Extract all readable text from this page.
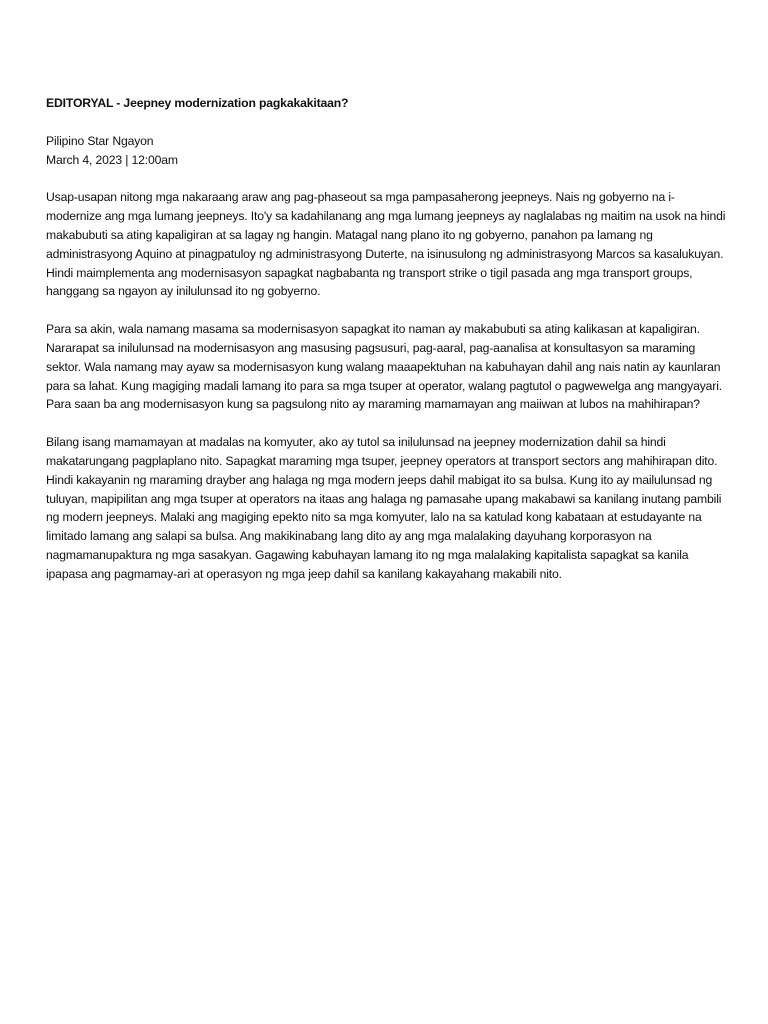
EDITORYAL - Jeepney modernization pagkakakitaan?

Pilipino Star Ngayon
March 4, 2023 | 12:00am

Usap-usapan nitong mga nakaraang araw ang pag-phaseout sa mga pampasaherong jeepneys. Nais ng gobyerno na i-modernize ang mga lumang jeepneys. Ito'y sa kadahilanang ang mga lumang jeepneys ay naglalabas ng maitim na usok na hindi makabubuti sa ating kapaligiran at sa lagay ng hangin. Matagal nang plano ito ng gobyerno, panahon pa lamang ng administrasyong Aquino at pinagpatuloy ng administrasyong Duterte, na isinusulong ng administrasyong Marcos sa kasalukuyan. Hindi maimplementa ang modernisasyon sapagkat nagbabanta ng transport strike o tigil pasada ang mga transport groups, hanggang sa ngayon ay inilulunsad ito ng gobyerno.

Para sa akin, wala namang masama sa modernisasyon sapagkat ito naman ay makabubuti sa ating kalikasan at kapaligiran. Nararapat sa inilulunsad na modernisasyon ang masusing pagsusuri, pag-aaral, pag-aanalisa at konsultasyon sa maraming sektor. Wala namang may ayaw sa modernisasyon kung walang maaapektuhan na kabuhayan dahil ang nais natin ay kaunlaran para sa lahat. Kung magiging madali lamang ito para sa mga tsuper at operator, walang pagtutol o pagwewelga ang mangyayari. Para saan ba ang modernisasyon kung sa pagsulong nito ay maraming mamamayan ang maiiwan at lubos na mahihirapan?

Bilang isang mamamayan at madalas na komyuter, ako ay tutol sa inilulunsad na jeepney modernization dahil sa hindi makatarungang pagplaplano nito. Sapagkat maraming mga tsuper, jeepney operators at transport sectors ang mahihirapan dito. Hindi kakayanin ng maraming drayber ang halaga ng mga modern jeeps dahil mabigat ito sa bulsa. Kung ito ay mailulunsad ng tuluyan, mapipilitan ang mga tsuper at operators na itaas ang halaga ng pamasahe upang makabawi sa kanilang inutang pambili ng modern jeepneys. Malaki ang magiging epekto nito sa mga komyuter, lalo na sa katulad kong kabataan at estudayante na limitado lamang ang salapi sa bulsa. Ang makikinabang lang dito ay ang mga malalaking dayuhang korporasyon na nagmamanupaktura ng mga sasakyan. Gagawing kabuhayan lamang ito ng mga malalaking kapitalista sapagkat sa kanila ipapasa ang pagmamay-ari at operasyon ng mga jeep dahil sa kanilang kakayahang makabili nito.
